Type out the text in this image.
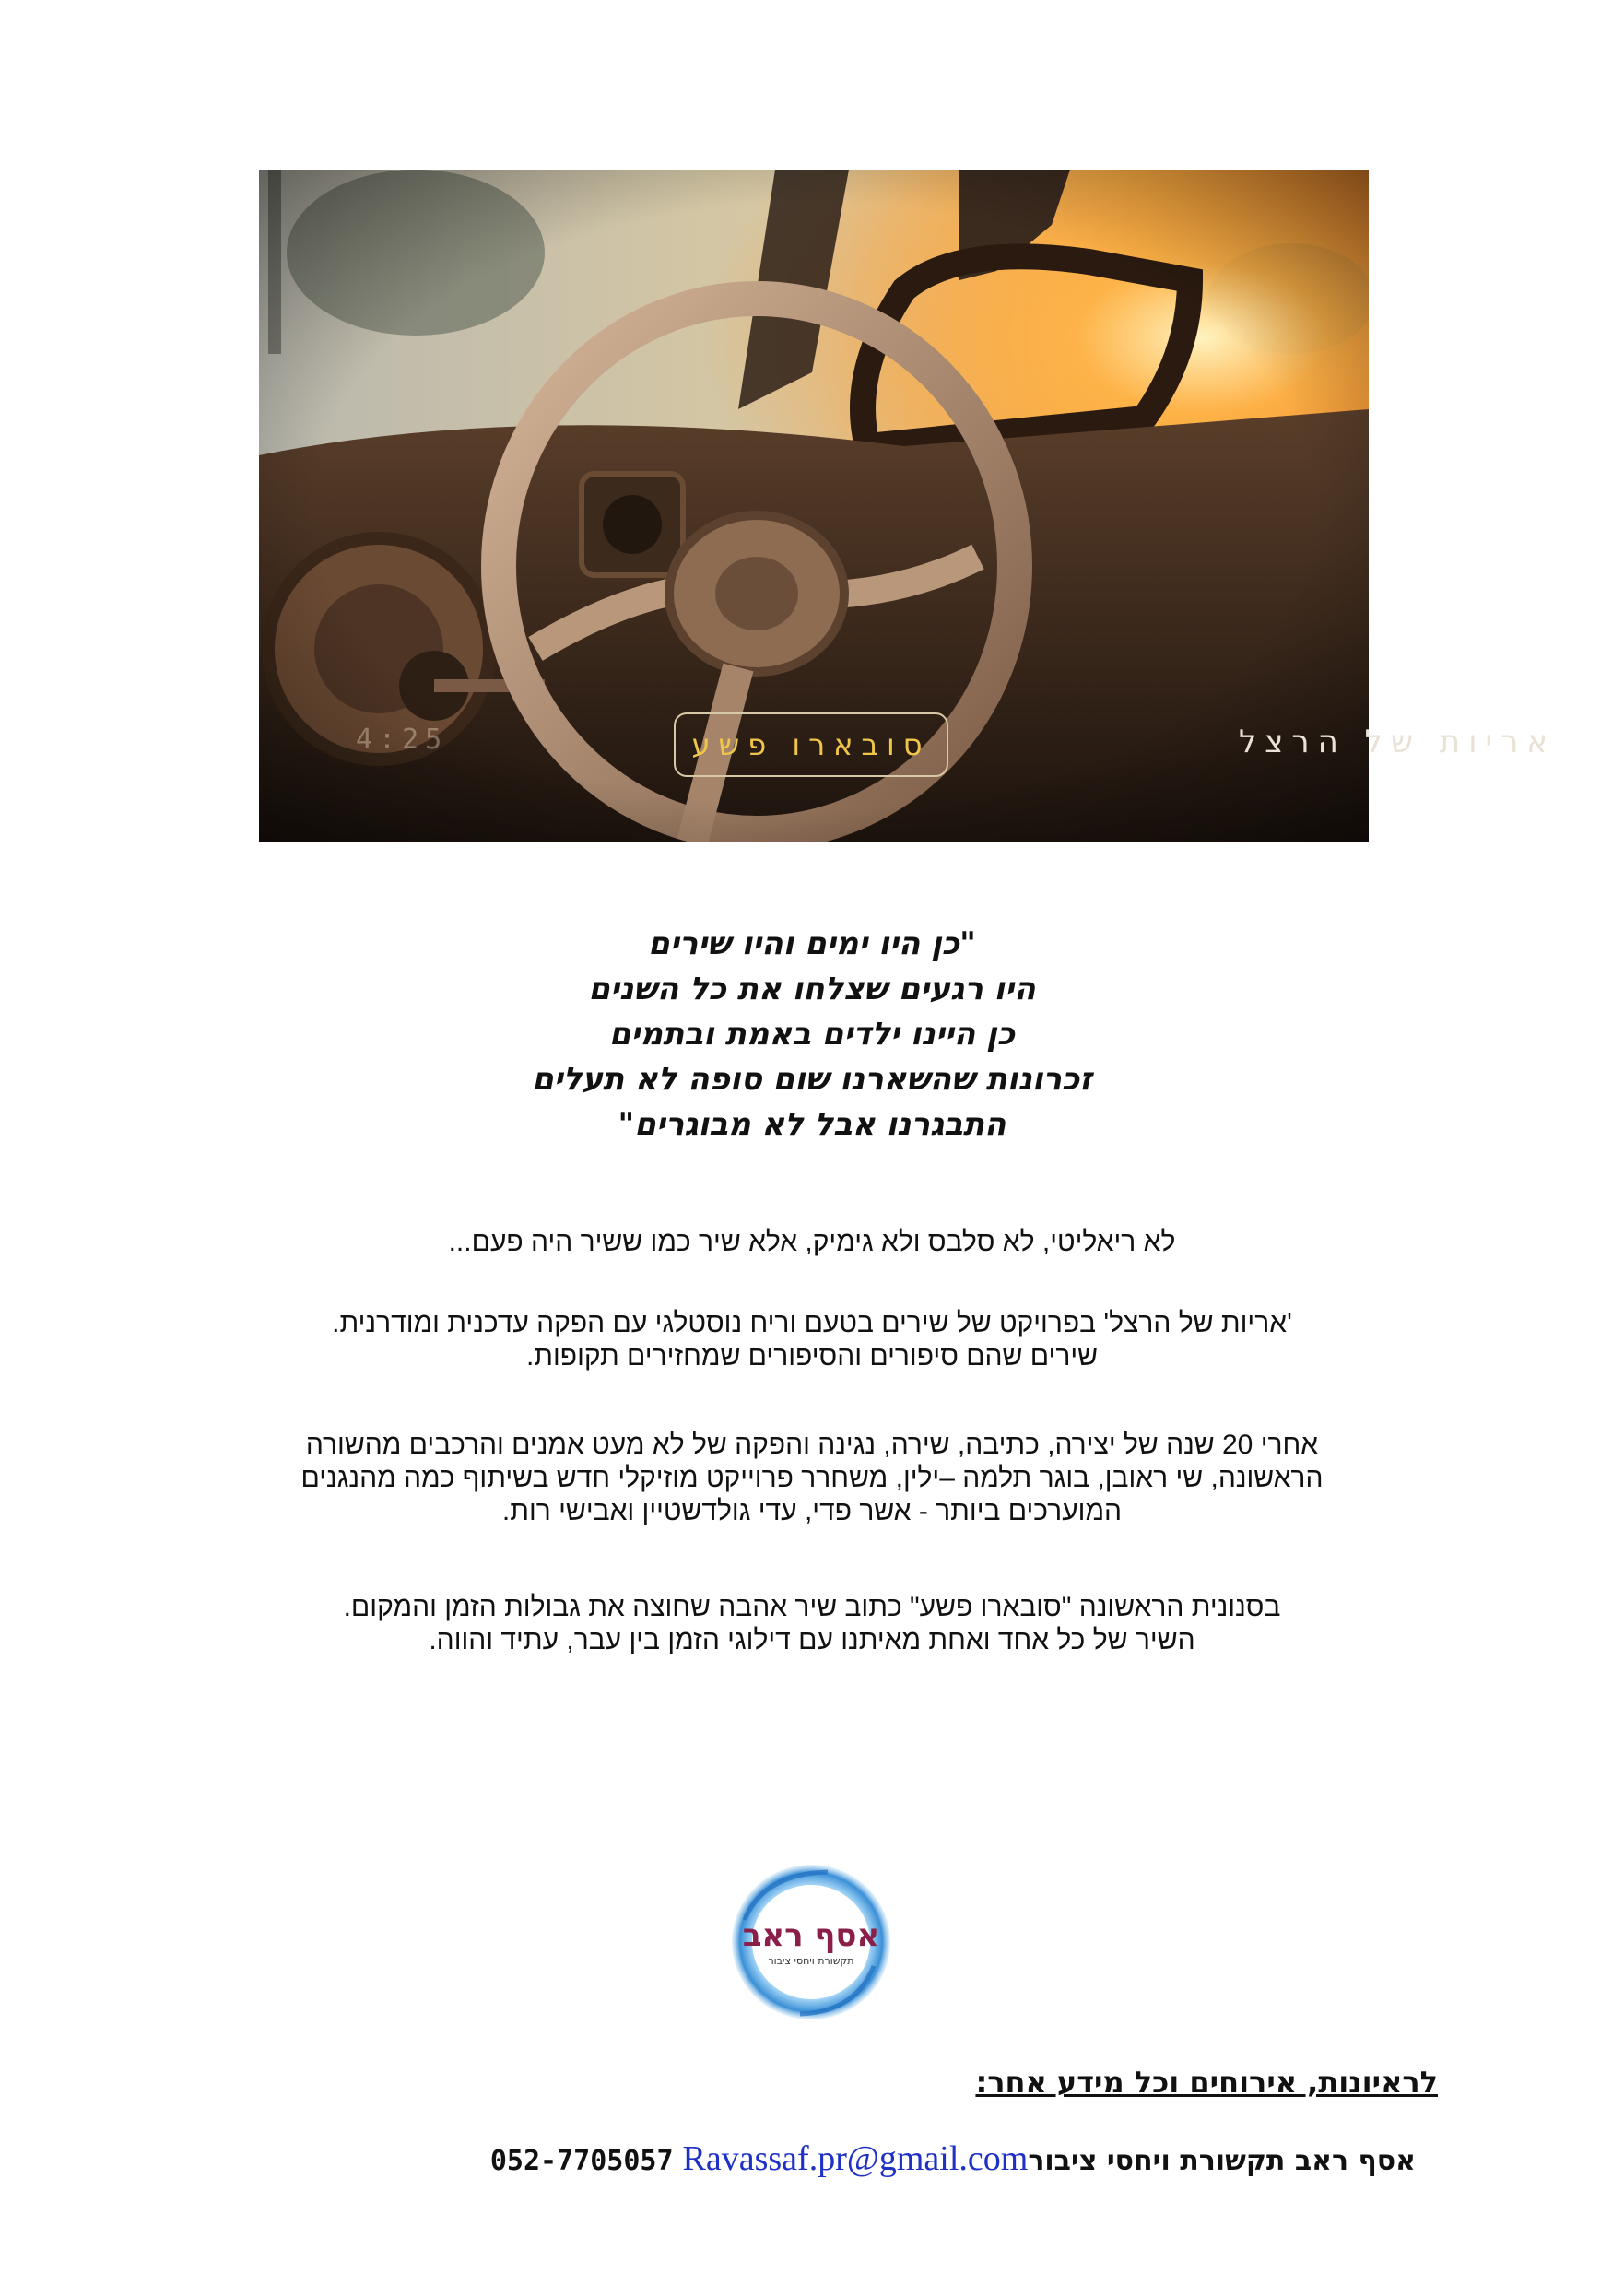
אריות של הרצל
סובארו פשע
4:25
"כן היו ימים והיו שירים
היו רגעים שצלחו את כל השנים
כן היינו ילדים באמת ובתמים
זכרונות שהשארנו שום סופה לא תעלים
התבגרנו אבל לא מבוגרים"
לא ריאליטי, לא סלבס ולא גימיק, אלא שיר כמו ששיר היה פעם...
'אריות של הרצל' בפרויקט של שירים בטעם וריח נוסטלגי עם הפקה עדכנית ומודרנית.
שירים שהם סיפורים והסיפורים שמחזירים תקופות.
אחרי 20 שנה של יצירה, כתיבה, שירה, נגינה והפקה של לא מעט אמנים והרכבים מהשורה
הראשונה, שי ראובן, בוגר תלמה –ילין, משחרר פרוייקט מוזיקלי חדש בשיתוף כמה מהנגנים
המוערכים ביותר - אשר פדי, עדי גולדשטיין ואבישי רות.
בסנונית הראשונה "סובארו פשע" כתוב שיר אהבה שחוצה את גבולות הזמן והמקום.
השיר של כל אחד ואחת מאיתנו עם דילוגי הזמן בין עבר, עתיד והווה.
אסף ראב
תקשורת ויחסי ציבור
לראיונות, אירוחים וכל מידע אחר:
אסף ראב תקשורת ויחסי ציבור052-7705057 Ravassaf.pr@gmail.com
